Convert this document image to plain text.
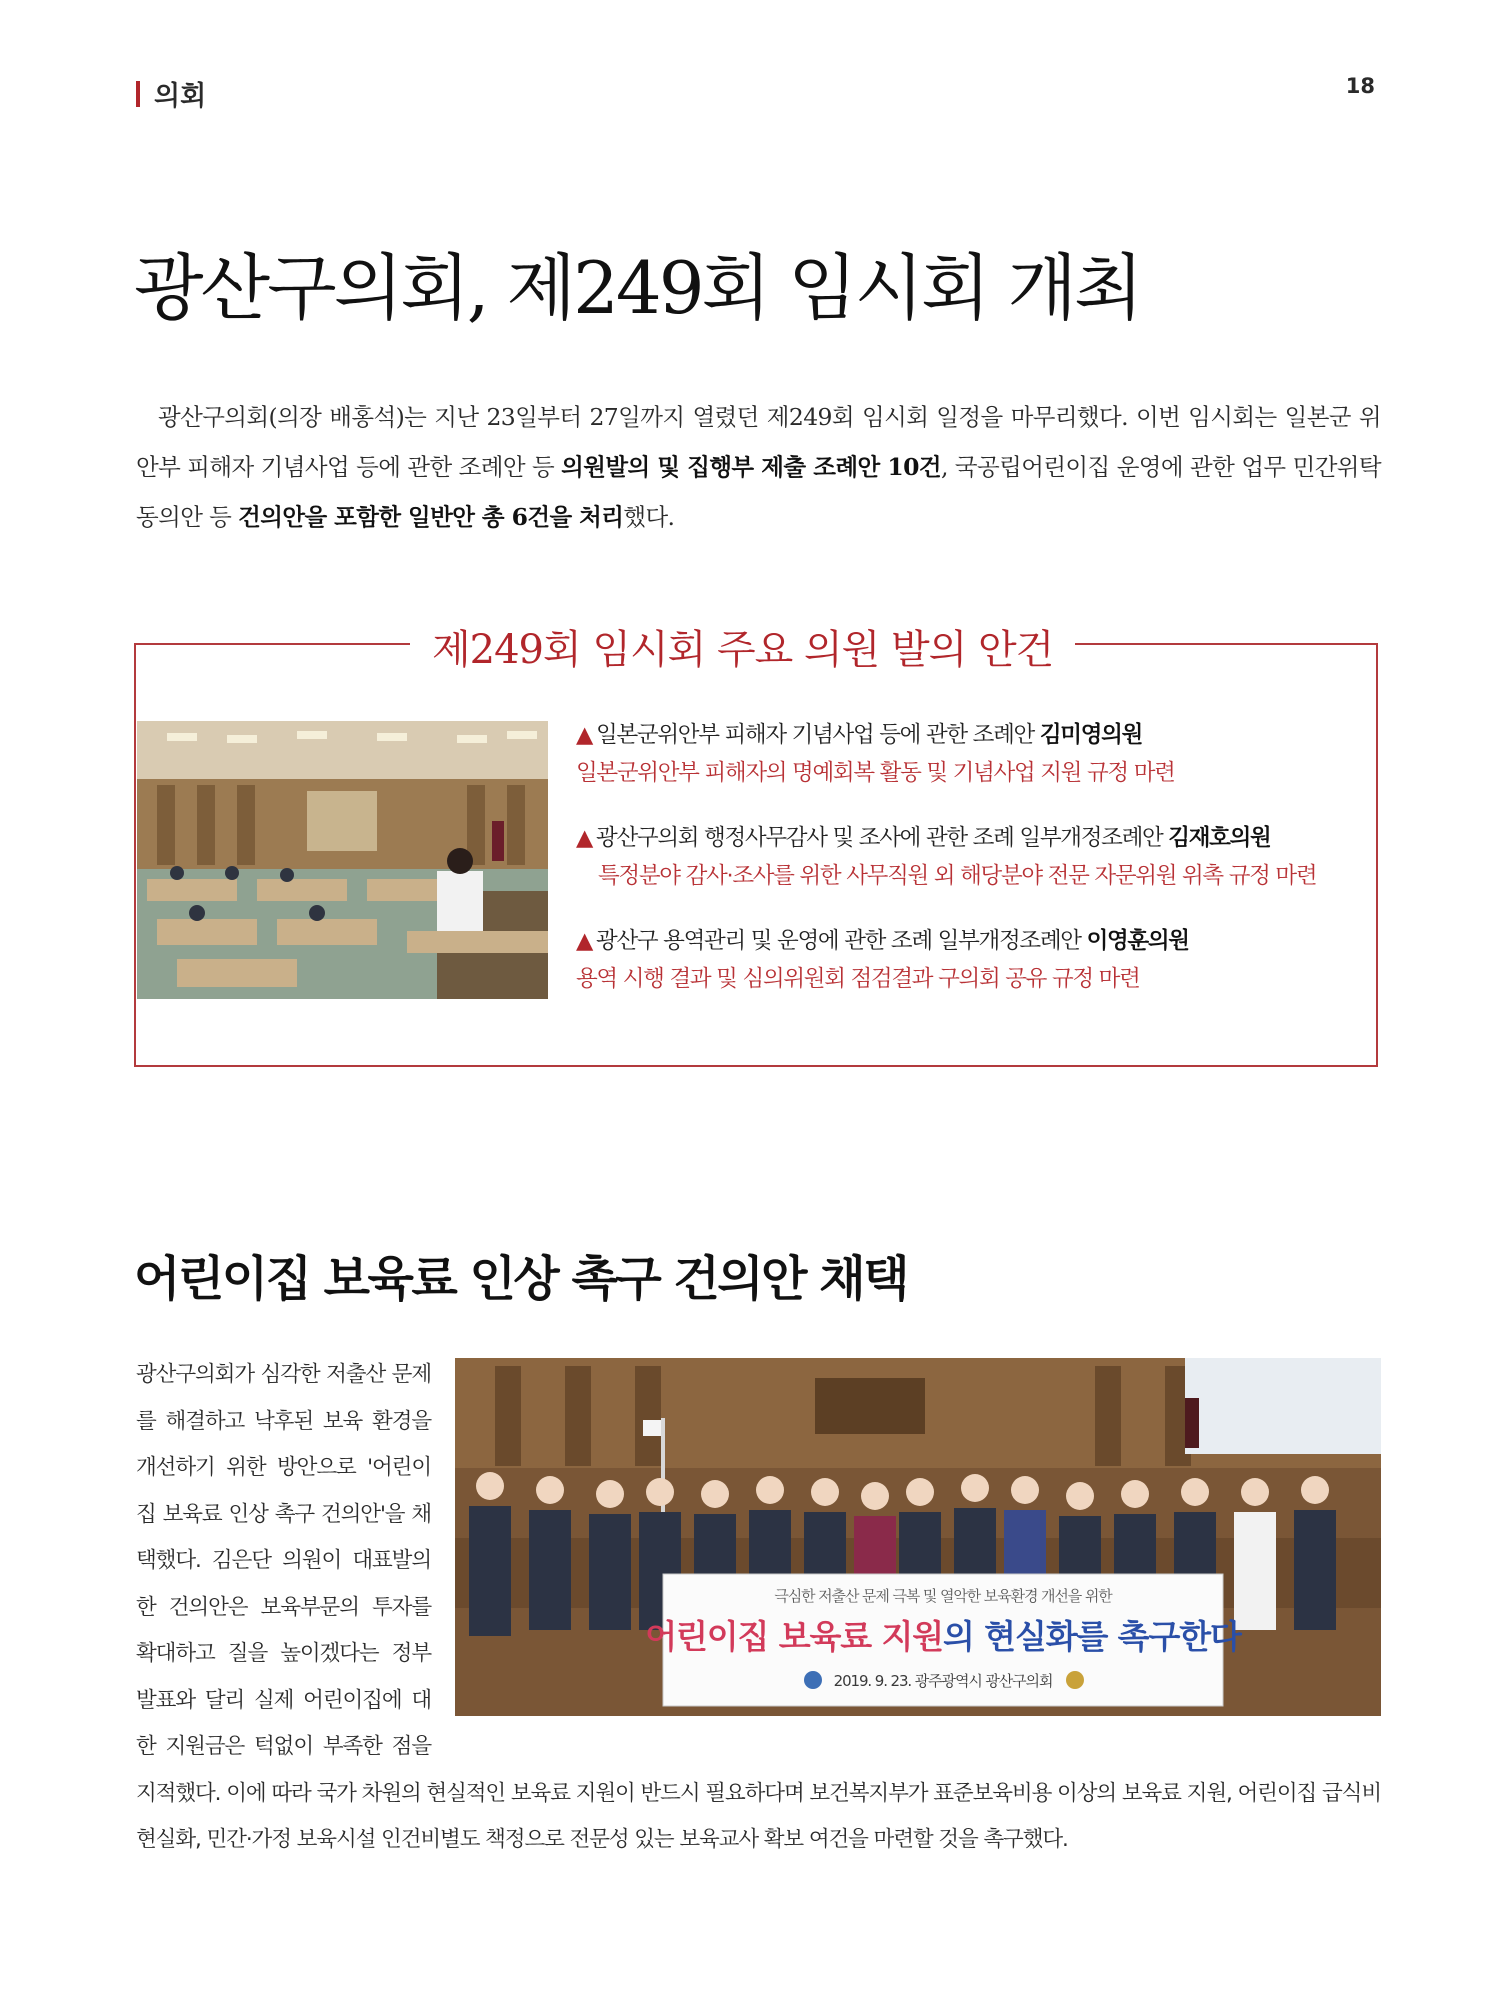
의회	18
광산구의회, 제249회 임시회 개최

광산구의회(의장 배홍석)는 지난 23일부터 27일까지 열렸던 제249회 임시회 일정을 마무리했다. 이번 임시회는 일본군 위안부 피해자 기념사업 등에 관한 조례안 등 의원발의 및 집행부 제출 조례안 10건, 국공립어린이집 운영에 관한 업무 민간위탁 동의안 등 건의안을 포함한 일반안 총 6건을 처리했다.

제249회 임시회 주요 의원 발의 안건
▲ 일본군위안부 피해자 기념사업 등에 관한 조례안 김미영의원
일본군위안부 피해자의 명예회복 활동 및 기념사업 지원 규정 마련
▲ 광산구의회 행정사무감사 및 조사에 관한 조례 일부개정조례안 김재호의원
특정분야 감사·조사를 위한 사무직원 외 해당분야 전문 자문위원 위촉 규정 마련
▲ 광산구 용역관리 및 운영에 관한 조례 일부개정조례안 이영훈의원
용역 시행 결과 및 심의위원회 점검결과 구의회 공유 규정 마련
어린이집 보육료 인상 촉구 건의안 채택
극심한 저출산 문제 극복 및 열악한 보육환경 개선을 위한
어린이집 보육료 지원의 현실화를 촉구한다
2019. 9. 23. 광주광역시 광산구의회
광산구의회가 심각한 저출산 문제를 해결하고 낙후된 보육 환경을 개선하기 위한 방안으로 '어린이집 보육료 인상 촉구 건의안'을 채택했다. 김은단 의원이 대표발의한 건의안은 보육부문의 투자를 확대하고 질을 높이겠다는 정부 발표와 달리 실제 어린이집에 대한 지원금은 턱없이 부족한 점을 지적했다. 이에 따라 국가 차원의 현실적인 보육료 지원이 반드시 필요하다며 보건복지부가 표준보육비용 이상의 보육료 지원, 어린이집 급식비 현실화, 민간·가정 보육시설 인건비별도 책정으로 전문성 있는 보육교사 확보 여건을 마련할 것을 촉구했다.
